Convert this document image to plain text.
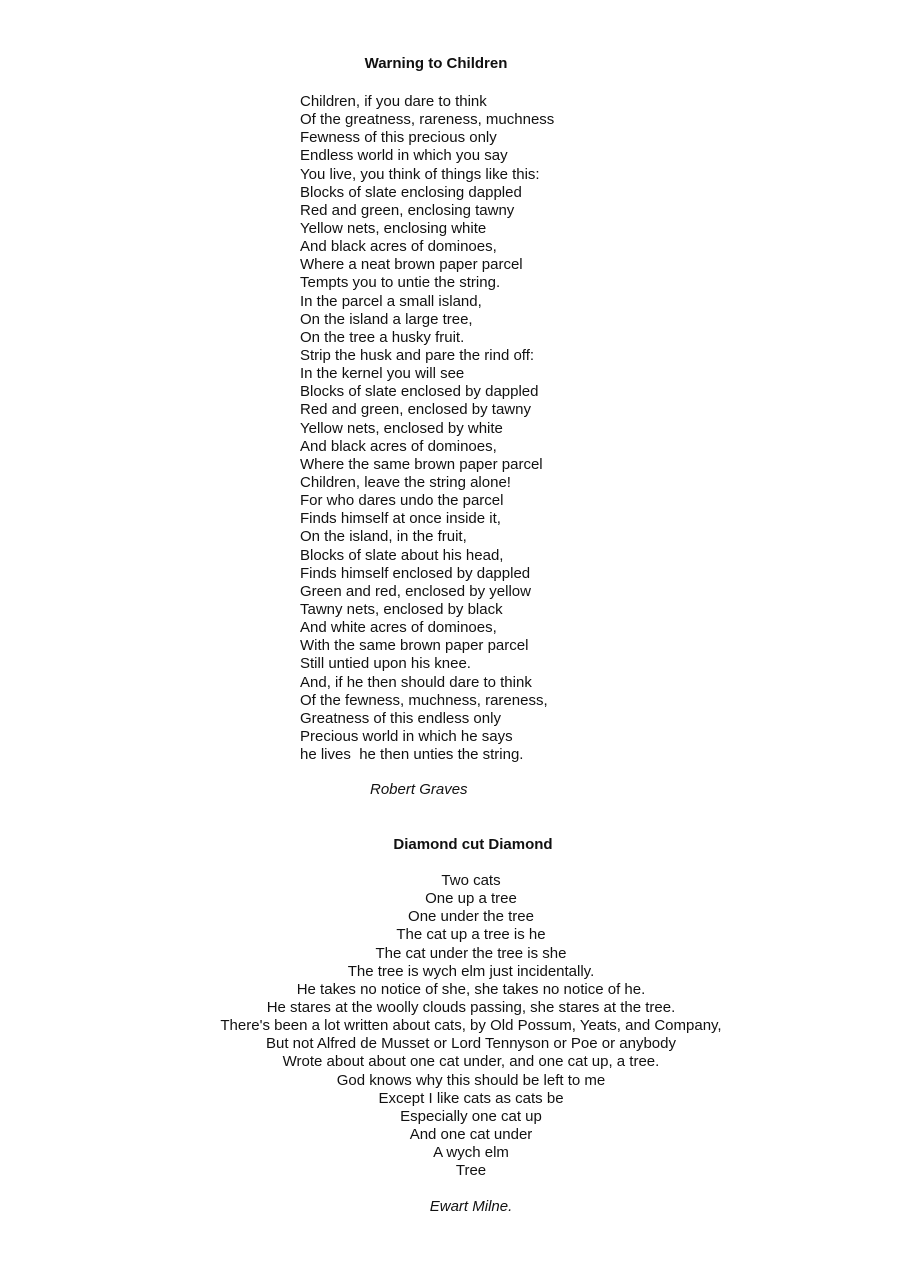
Warning to Children
Children, if you dare to think
Of the greatness, rareness, muchness
Fewness of this precious only
Endless world in which you say
You live, you think of things like this:
Blocks of slate enclosing dappled
Red and green, enclosing tawny
Yellow nets, enclosing white
And black acres of dominoes,
Where a neat brown paper parcel
Tempts you to untie the string.
In the parcel a small island,
On the island a large tree,
On the tree a husky fruit.
Strip the husk and pare the rind off:
In the kernel you will see
Blocks of slate enclosed by dappled
Red and green, enclosed by tawny
Yellow nets, enclosed by white
And black acres of dominoes,
Where the same brown paper parcel
Children, leave the string alone!
For who dares undo the parcel
Finds himself at once inside it,
On the island, in the fruit,
Blocks of slate about his head,
Finds himself enclosed by dappled
Green and red, enclosed by yellow
Tawny nets, enclosed by black
And white acres of dominoes,
With the same brown paper parcel
Still untied upon his knee.
And, if he then should dare to think
Of the fewness, muchness, rareness,
Greatness of this endless only
Precious world in which he says
he lives  he then unties the string.
Robert Graves
Diamond cut Diamond
Two cats
One up a tree
One under the tree
The cat up a tree is he
The cat under the tree is she
The tree is wych elm just incidentally.
He takes no notice of she, she takes no notice of he.
He stares at the woolly clouds passing, she stares at the tree.
There's been a lot written about cats, by Old Possum, Yeats, and Company,
But not Alfred de Musset or Lord Tennyson or Poe or anybody
Wrote about about one cat under, and one cat up, a tree.
God knows why this should be left to me
Except I like cats as cats be
Especially one cat up
And one cat under
A wych elm
Tree
Ewart Milne.
